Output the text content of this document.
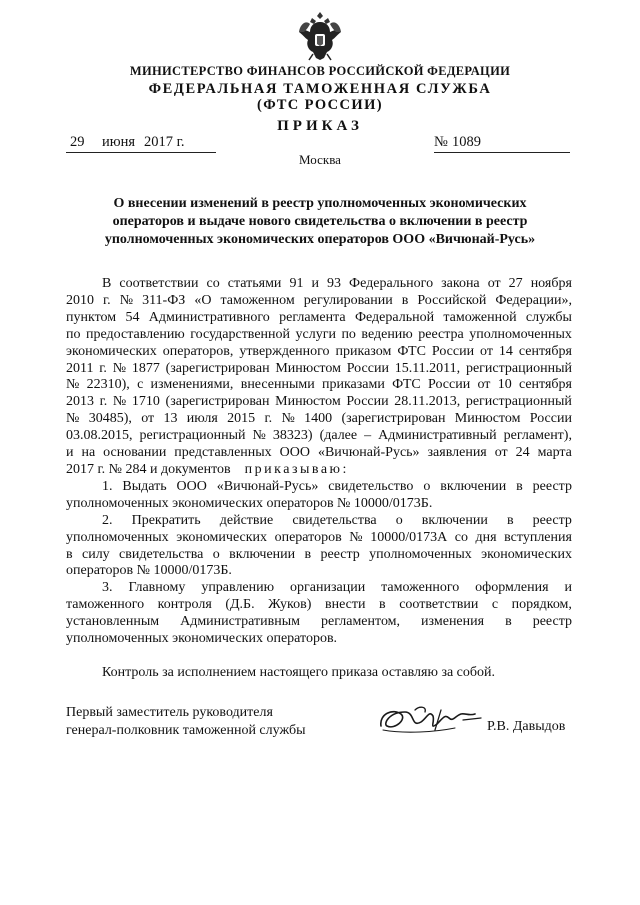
МИНИСТЕРСТВО ФИНАНСОВ РОССИЙСКОЙ ФЕДЕРАЦИИ
ФЕДЕРАЛЬНАЯ ТАМОЖЕННАЯ СЛУЖБА
(ФТС РОССИИ)
ПРИКАЗ
29 июня 2017 г.	№ 1089
Москва
О внесении изменений в реестр уполномоченных экономических
операторов и выдаче нового свидетельства о включении в реестр
уполномоченных экономических операторов ООО «Вичюнай-Русь»
В соответствии со статьями 91 и 93 Федерального закона от 27 ноября
2010 г. № 311-ФЗ «О таможенном регулировании в Российской Федерации»,
пунктом 54 Административного регламента Федеральной таможенной службы
по предоставлению государственной услуги по ведению реестра уполномоченных
экономических операторов, утвержденного приказом ФТС России от 14 сентября
2011 г. № 1877 (зарегистрирован Минюстом России 15.11.2011, регистрационный
№ 22310), с изменениями, внесенными приказами ФТС России от 10 сентября
2013 г. № 1710 (зарегистрирован Минюстом России 28.11.2013, регистрационный
№ 30485), от 13 июля 2015 г. № 1400 (зарегистрирован Минюстом России
03.08.2015, регистрационный № 38323) (далее – Административный регламент),
и на основании представленных ООО «Вичюнай-Русь» заявления от 24 марта
2017 г. № 284 и документов приказываю:
1. Выдать ООО «Вичюнай-Русь» свидетельство о включении в реестр
уполномоченных экономических операторов № 10000/0173Б.
2. Прекратить действие свидетельства о включении в реестр
уполномоченных экономических операторов № 10000/0173А со дня вступления
в силу свидетельства о включении в реестр уполномоченных экономических
операторов № 10000/0173Б.
3. Главному управлению организации таможенного оформления и
таможенного контроля (Д.Б. Жуков) внести в соответствии с порядком,
установленным Административным регламентом, изменения в реестр
уполномоченных экономических операторов.
Контроль за исполнением настоящего приказа оставляю за собой.
Первый заместитель руководителя
генерал-полковник таможенной службы	Р.В. Давыдов
